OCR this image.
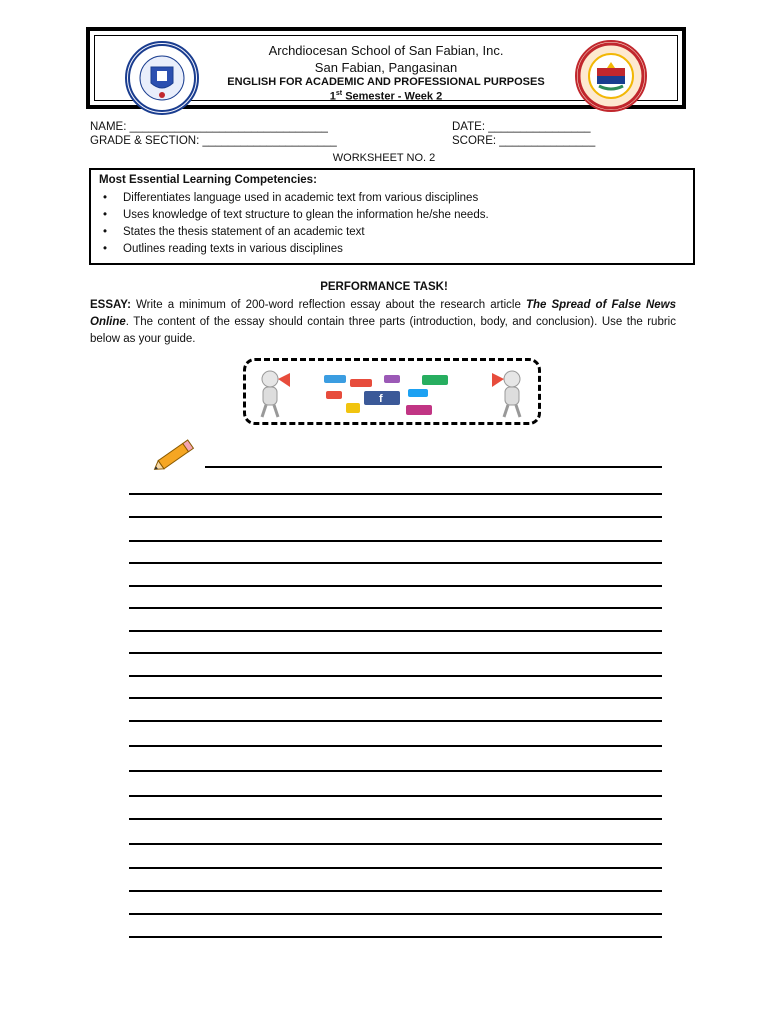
Archdiocesan School of San Fabian, Inc.
San Fabian, Pangasinan
ENGLISH FOR ACADEMIC AND PROFESSIONAL PURPOSES
1st Semester - Week 2
NAME: _______________________________	DATE: ________________
GRADE & SECTION: _____________________	SCORE: _______________
WORKSHEET NO. 2
Most Essential Learning Competencies:
• Differentiates language used in academic text from various disciplines
• Uses knowledge of text structure to glean the information he/she needs.
• States the thesis statement of an academic text
• Outlines reading texts in various disciplines
PERFORMANCE TASK!
ESSAY: Write a minimum of 200-word reflection essay about the research article The Spread of False News Online. The content of the essay should contain three parts (introduction, body, and conclusion). Use the rubric below as your guide.
f
